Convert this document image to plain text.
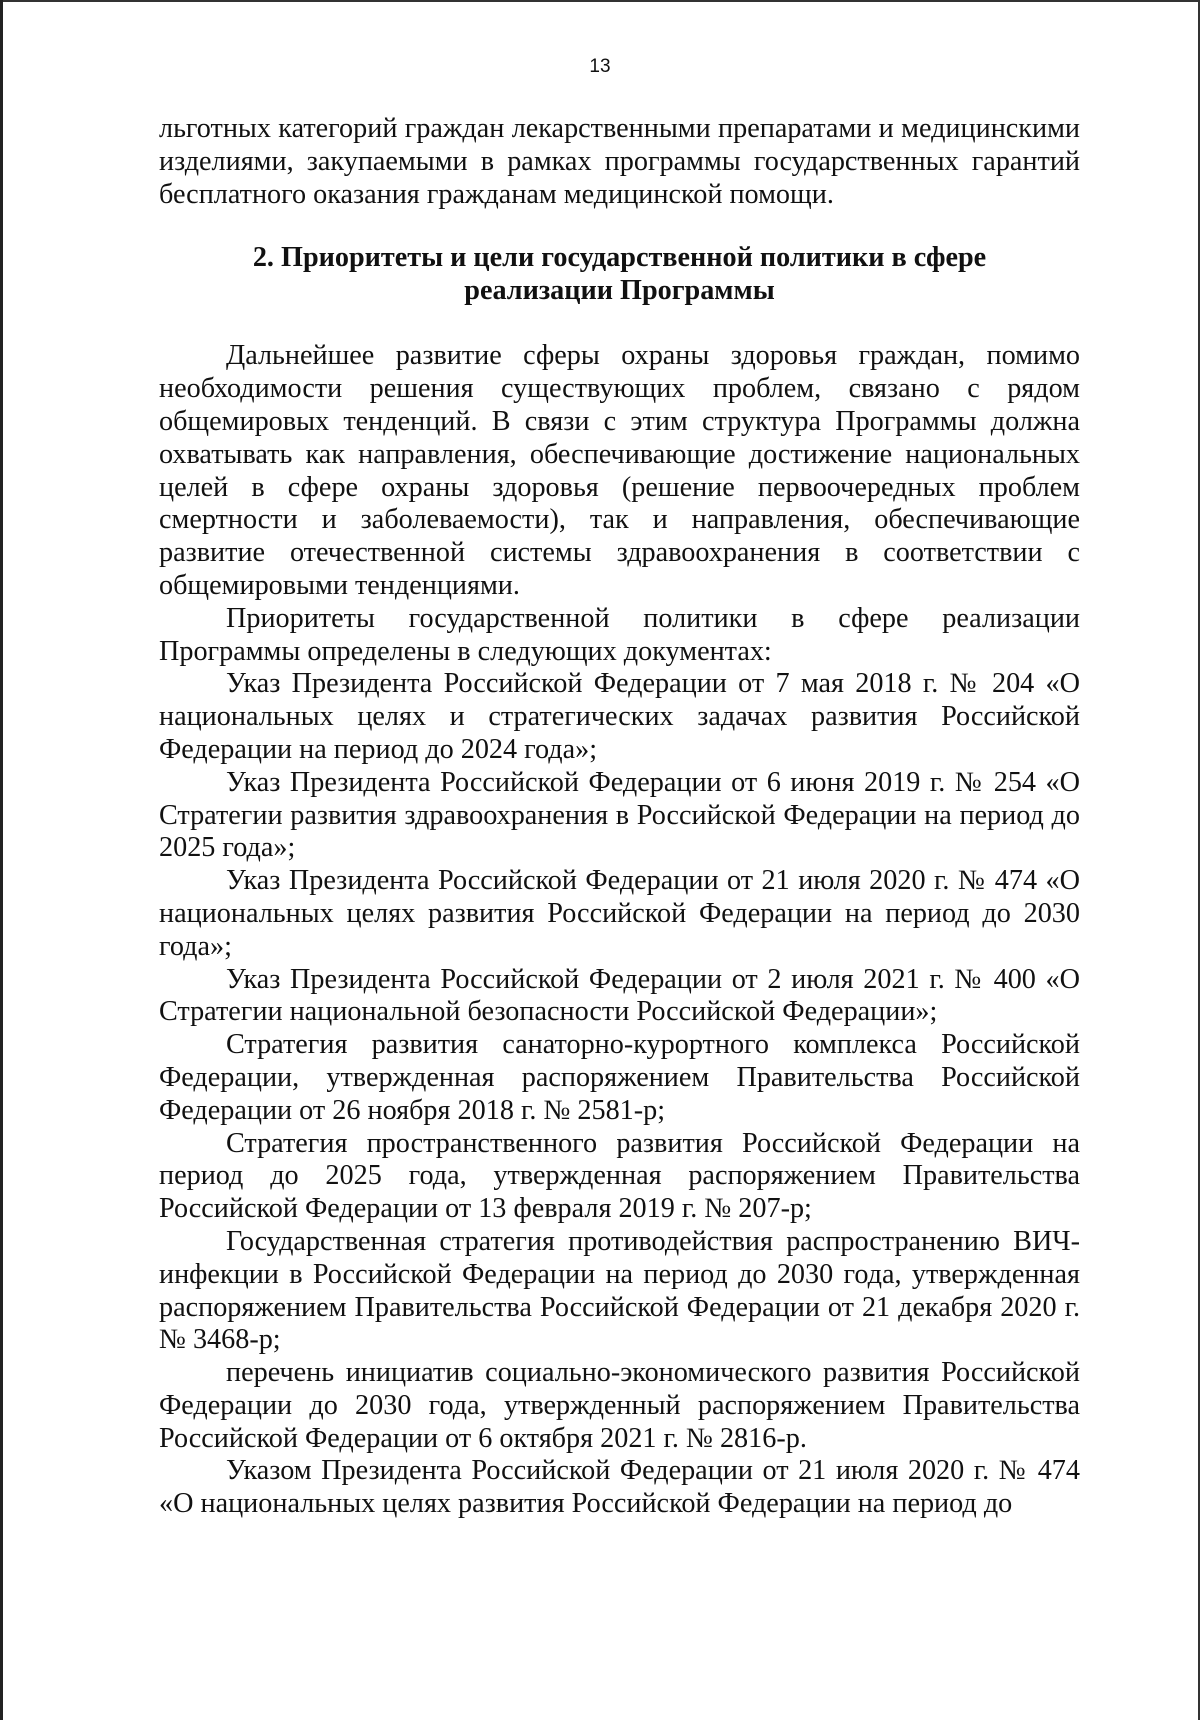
13

льготных категорий граждан лекарственными препаратами и медицинскими изделиями, закупаемыми в рамках программы государственных гарантий бесплатного оказания гражданам медицинской помощи.

2. Приоритеты и цели государственной политики в сфере
реализации Программы

Дальнейшее развитие сферы охраны здоровья граждан, помимо необходимости решения существующих проблем, связано с рядом общемировых тенденций. В связи с этим структура Программы должна охватывать как направления, обеспечивающие достижение национальных целей в сфере охраны здоровья (решение первоочередных проблем смертности и заболеваемости), так и направления, обеспечивающие развитие отечественной системы здравоохранения в соответствии с общемировыми тенденциями.

Приоритеты государственной политики в сфере реализации Программы определены в следующих документах:

Указ Президента Российской Федерации от 7 мая 2018 г. № 204 «О национальных целях и стратегических задачах развития Российской Федерации на период до 2024 года»;

Указ Президента Российской Федерации от 6 июня 2019 г. № 254 «О Стратегии развития здравоохранения в Российской Федерации на период до 2025 года»;

Указ Президента Российской Федерации от 21 июля 2020 г. № 474 «О национальных целях развития Российской Федерации на период до 2030 года»;

Указ Президента Российской Федерации от 2 июля 2021 г. № 400 «О Стратегии национальной безопасности Российской Федерации»;

Стратегия развития санаторно-курортного комплекса Российской Федерации, утвержденная распоряжением Правительства Российской Федерации от 26 ноября 2018 г. № 2581-р;

Стратегия пространственного развития Российской Федерации на период до 2025 года, утвержденная распоряжением Правительства Российской Федерации от 13 февраля 2019 г. № 207-р;

Государственная стратегия противодействия распространению ВИЧ-инфекции в Российской Федерации на период до 2030 года, утвержденная распоряжением Правительства Российской Федерации от 21 декабря 2020 г. № 3468-р;

перечень инициатив социально-экономического развития Российской Федерации до 2030 года, утвержденный распоряжением Правительства Российской Федерации от 6 октября 2021 г. № 2816-р.

Указом Президента Российской Федерации от 21 июля 2020 г. № 474 «О национальных целях развития Российской Федерации на период до
